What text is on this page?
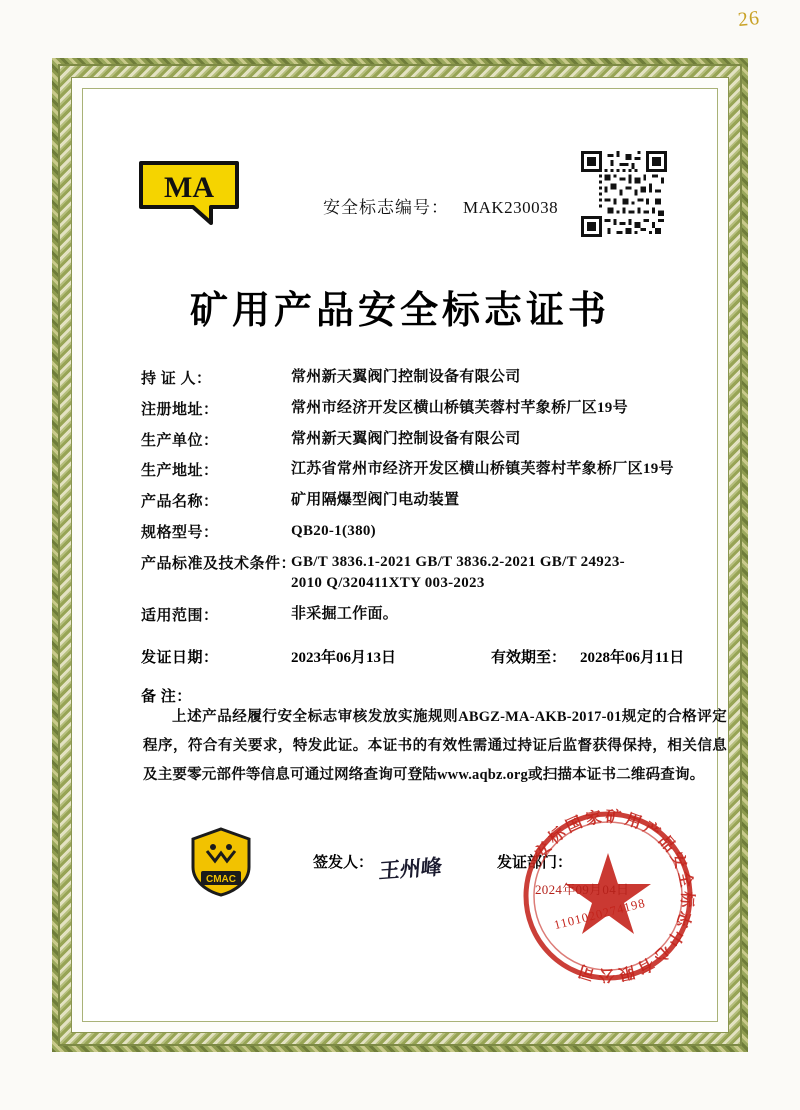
26
MA
安全标志编号： MAK230038
矿用产品安全标志证书
持 证 人：	常州新天翼阀门控制设备有限公司
注册地址：	常州市经济开发区横山桥镇芙蓉村芊象桥厂区19号
生产单位：	常州新天翼阀门控制设备有限公司
生产地址：	江苏省常州市经济开发区横山桥镇芙蓉村芊象桥厂区19号
产品名称：	矿用隔爆型阀门电动装置
规格型号：	QB20-1(380)
产品标准及技术条件：
GB/T 3836.1-2021 GB/T 3836.2-2021 GB/T 24923-
2010 Q/320411XTY 003-2023
适用范围：	非采掘工作面。
发证日期：	2023年06月13日	有效期至： 2028年06月11日
备 注：
上述产品经履行安全标志审核发放实施规则ABGZ-MA-AKB-2017-01规定的合格评定程序，符合有关要求，特发此证。本证书的有效性需通过持证后监督获得保持，相关信息及主要零元部件等信息可通过网络查询可登陆www.aqbz.org或扫描本证书二维码查询。
CMAC
签发人： 王州峰	发证部门：
安标国家矿用产品安全标志中心有限公司
2024年09月04日
1101020274198
